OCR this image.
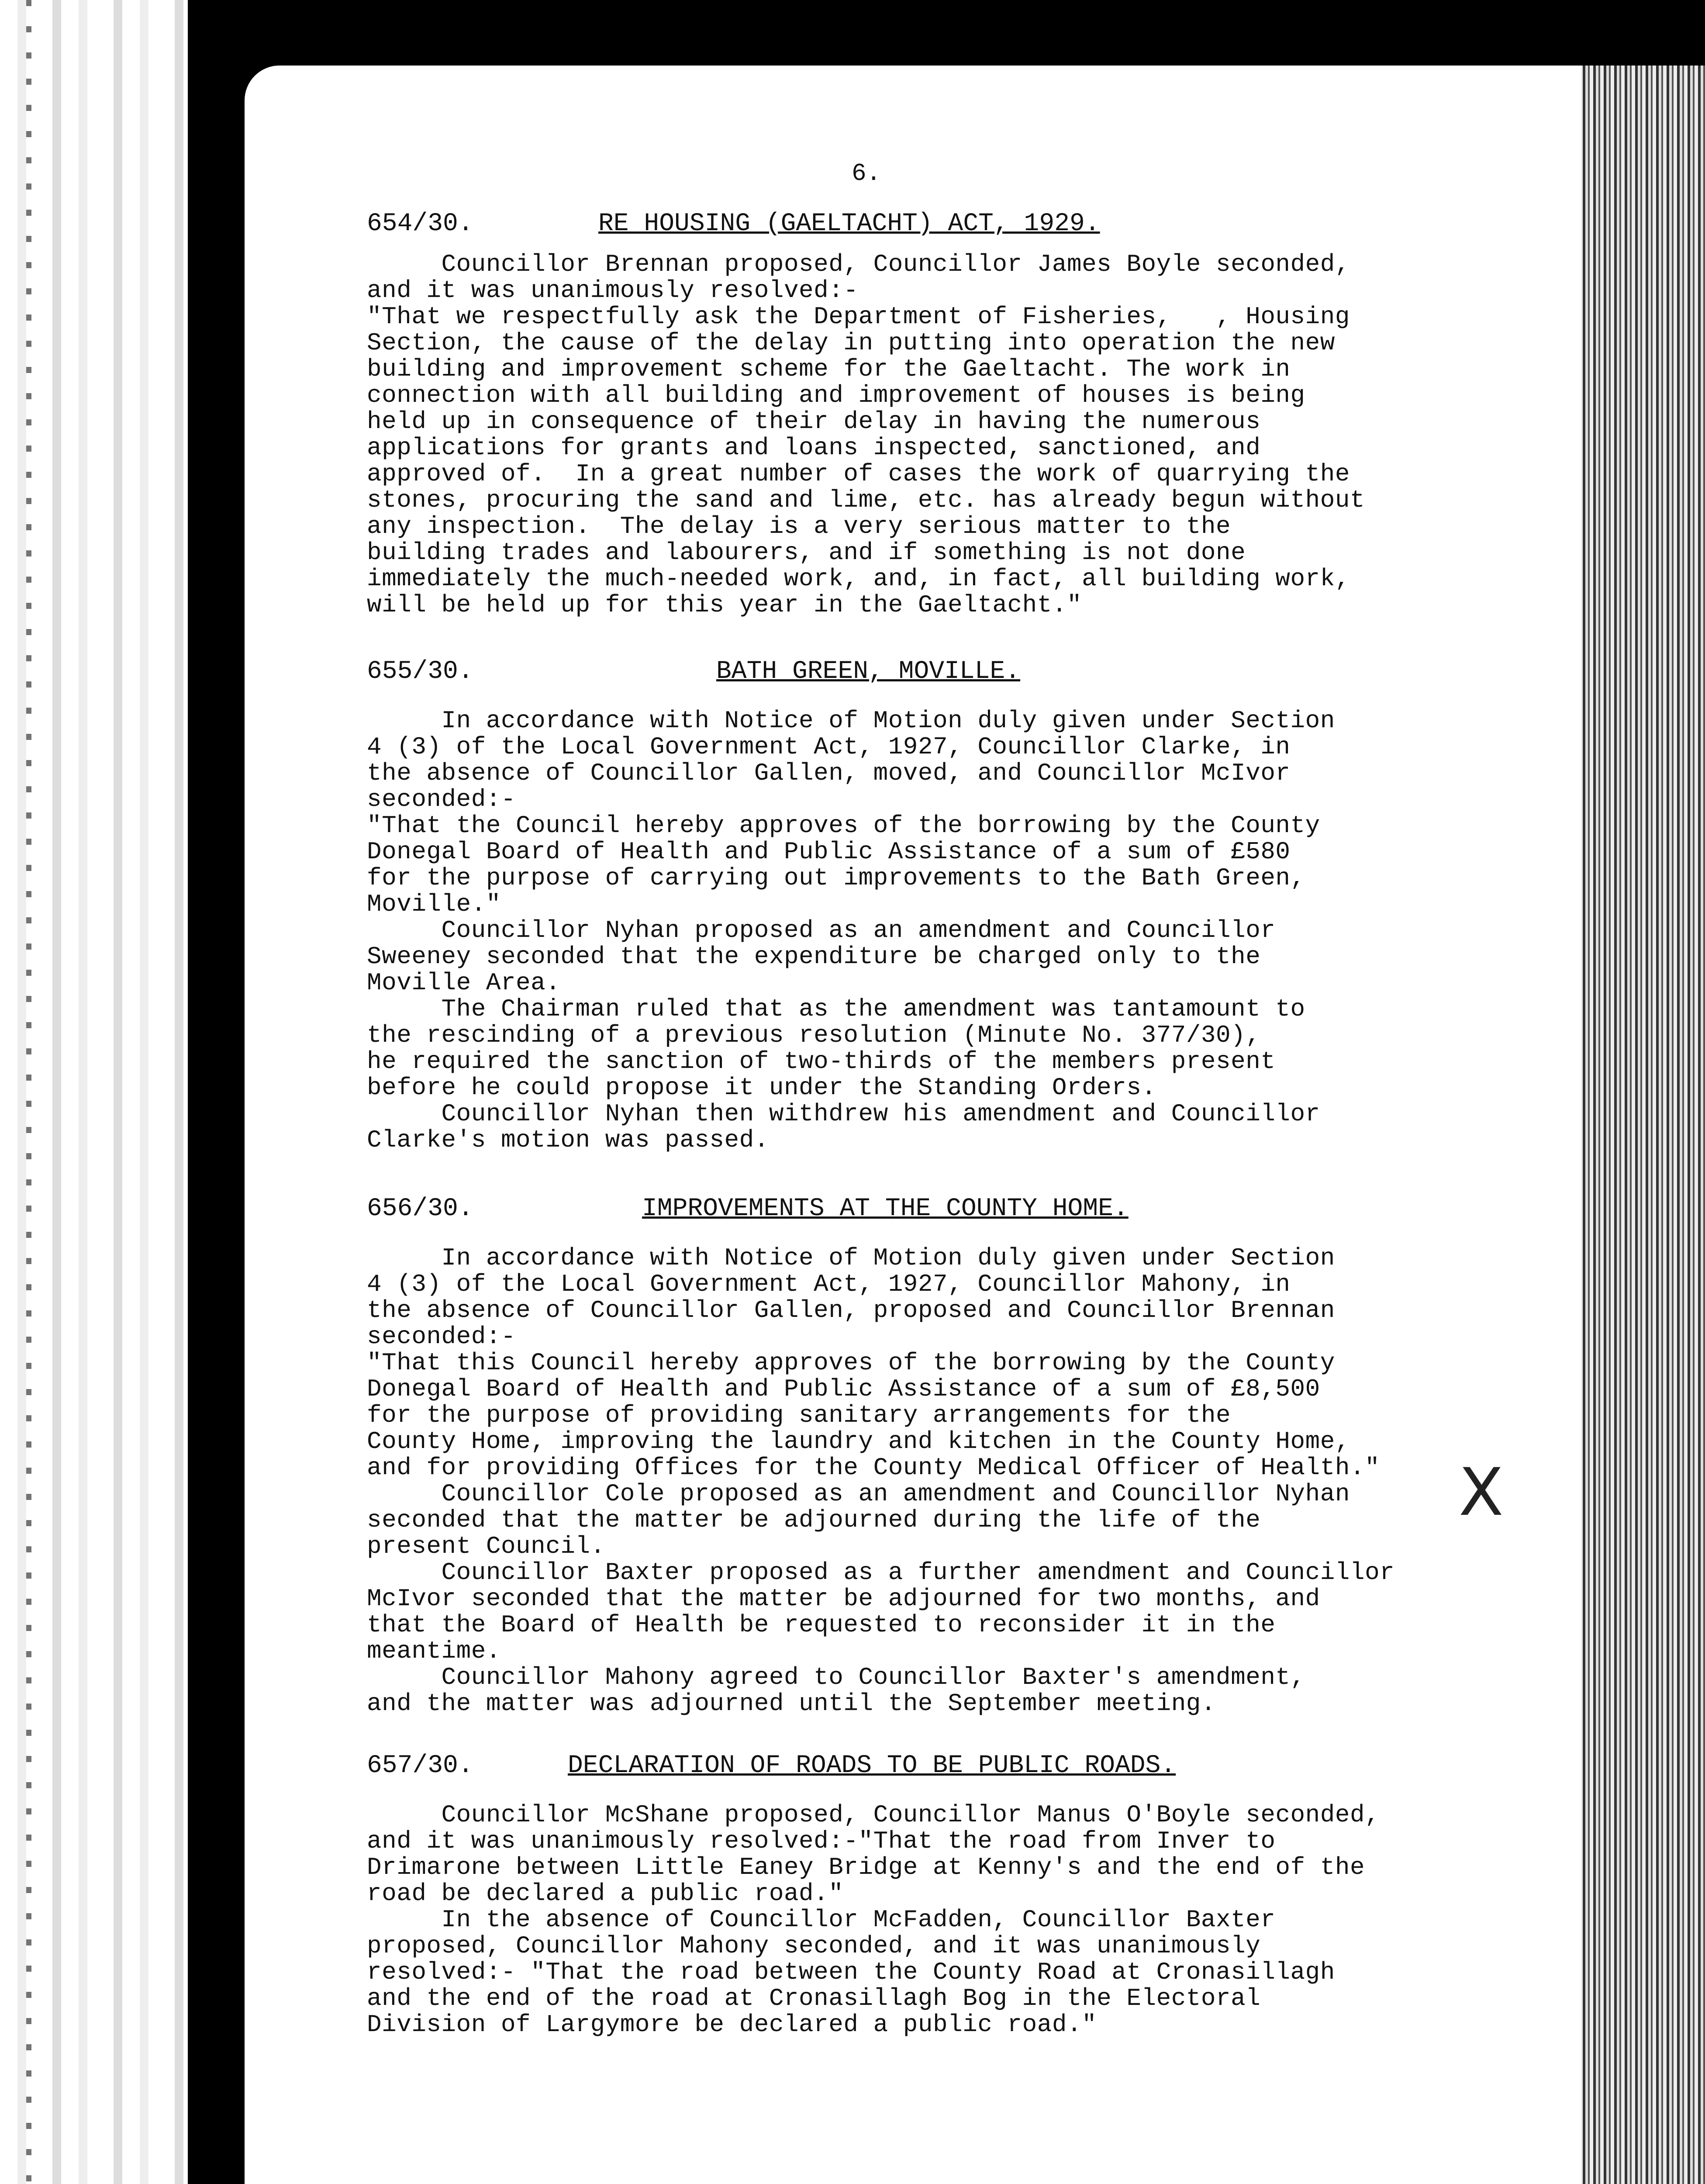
6.
654/30.	RE HOUSING (GAELTACHT) ACT, 1929.
Councillor Brennan proposed, Councillor James Boyle seconded,
and it was unanimously resolved:-
"That we respectfully ask the Department of Fisheries,   , Housing
Section, the cause of the delay in putting into operation the new
building and improvement scheme for the Gaeltacht. The work in
connection with all building and improvement of houses is being
held up in consequence of their delay in having the numerous
applications for grants and loans inspected, sanctioned, and
approved of.  In a great number of cases the work of quarrying the
stones, procuring the sand and lime, etc. has already begun without
any inspection.  The delay is a very serious matter to the
building trades and labourers, and if something is not done
immediately the much-needed work, and, in fact, all building work,
will be held up for this year in the Gaeltacht."
655/30.	BATH GREEN, MOVILLE.
In accordance with Notice of Motion duly given under Section
4 (3) of the Local Government Act, 1927, Councillor Clarke, in
the absence of Councillor Gallen, moved, and Councillor McIvor
seconded:-
"That the Council hereby approves of the borrowing by the County
Donegal Board of Health and Public Assistance of a sum of £580
for the purpose of carrying out improvements to the Bath Green,
Moville."
Councillor Nyhan proposed as an amendment and Councillor
Sweeney seconded that the expenditure be charged only to the
Moville Area.
The Chairman ruled that as the amendment was tantamount to
the rescinding of a previous resolution (Minute No. 377/30),
he required the sanction of two-thirds of the members present
before he could propose it under the Standing Orders.
Councillor Nyhan then withdrew his amendment and Councillor
Clarke's motion was passed.
656/30.	IMPROVEMENTS AT THE COUNTY HOME.
In accordance with Notice of Motion duly given under Section
4 (3) of the Local Government Act, 1927, Councillor Mahony, in
the absence of Councillor Gallen, proposed and Councillor Brennan
seconded:-
"That this Council hereby approves of the borrowing by the County
Donegal Board of Health and Public Assistance of a sum of £8,500
for the purpose of providing sanitary arrangements for the
County Home, improving the laundry and kitchen in the County Home,
and for providing Offices for the County Medical Officer of Health."
Councillor Cole proposed as an amendment and Councillor Nyhan
seconded that the matter be adjourned during the life of the
present Council.
Councillor Baxter proposed as a further amendment and Councillor
McIvor seconded that the matter be adjourned for two months, and
that the Board of Health be requested to reconsider it in the
meantime.
Councillor Mahony agreed to Councillor Baxter's amendment,
and the matter was adjourned until the September meeting.
657/30.	DECLARATION OF ROADS TO BE PUBLIC ROADS.
Councillor McShane proposed, Councillor Manus O'Boyle seconded,
and it was unanimously resolved:-"That the road from Inver to
Drimarone between Little Eaney Bridge at Kenny's and the end of the
road be declared a public road."
In the absence of Councillor McFadden, Councillor Baxter
proposed, Councillor Mahony seconded, and it was unanimously
resolved:- "That the road between the County Road at Cronasillagh
and the end of the road at Cronasillagh Bog in the Electoral
Division of Largymore be declared a public road."
X
